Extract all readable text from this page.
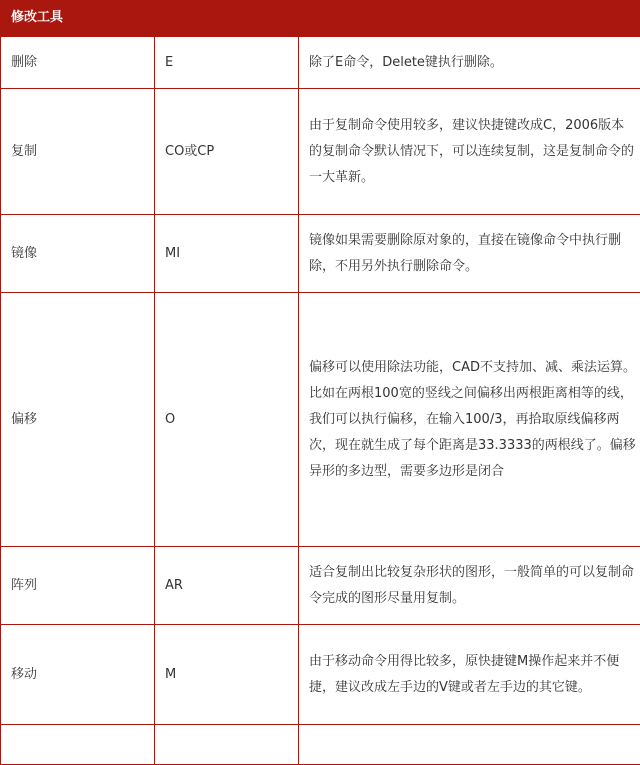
修改工具
删除	E	除了E命令，Delete键执行删除。
复制	CO或CP	由于复制命令使用较多，建议快捷键改成C，2006版本的复制命令默认情况下，可以连续复制，这是复制命令的一大革新。
镜像	MI	镜像如果需要删除原对象的，直接在镜像命令中执行删除，不用另外执行删除命令。
偏移	O	偏移可以使用除法功能，CAD不支持加、减、乘法运算。比如在两根100宽的竖线之间偏移出两根距离相等的线，我们可以执行偏移，在输入100/3，再拾取原线偏移两次，现在就生成了每个距离是33.3333的两根线了。偏移异形的多边型，需要多边形是闭合
阵列	AR	适合复制出比较复杂形状的图形，一般简单的可以复制命令完成的图形尽量用复制。
移动	M	由于移动命令用得比较多，原快捷键M操作起来并不便捷，建议改成左手边的V键或者左手边的其它键。
